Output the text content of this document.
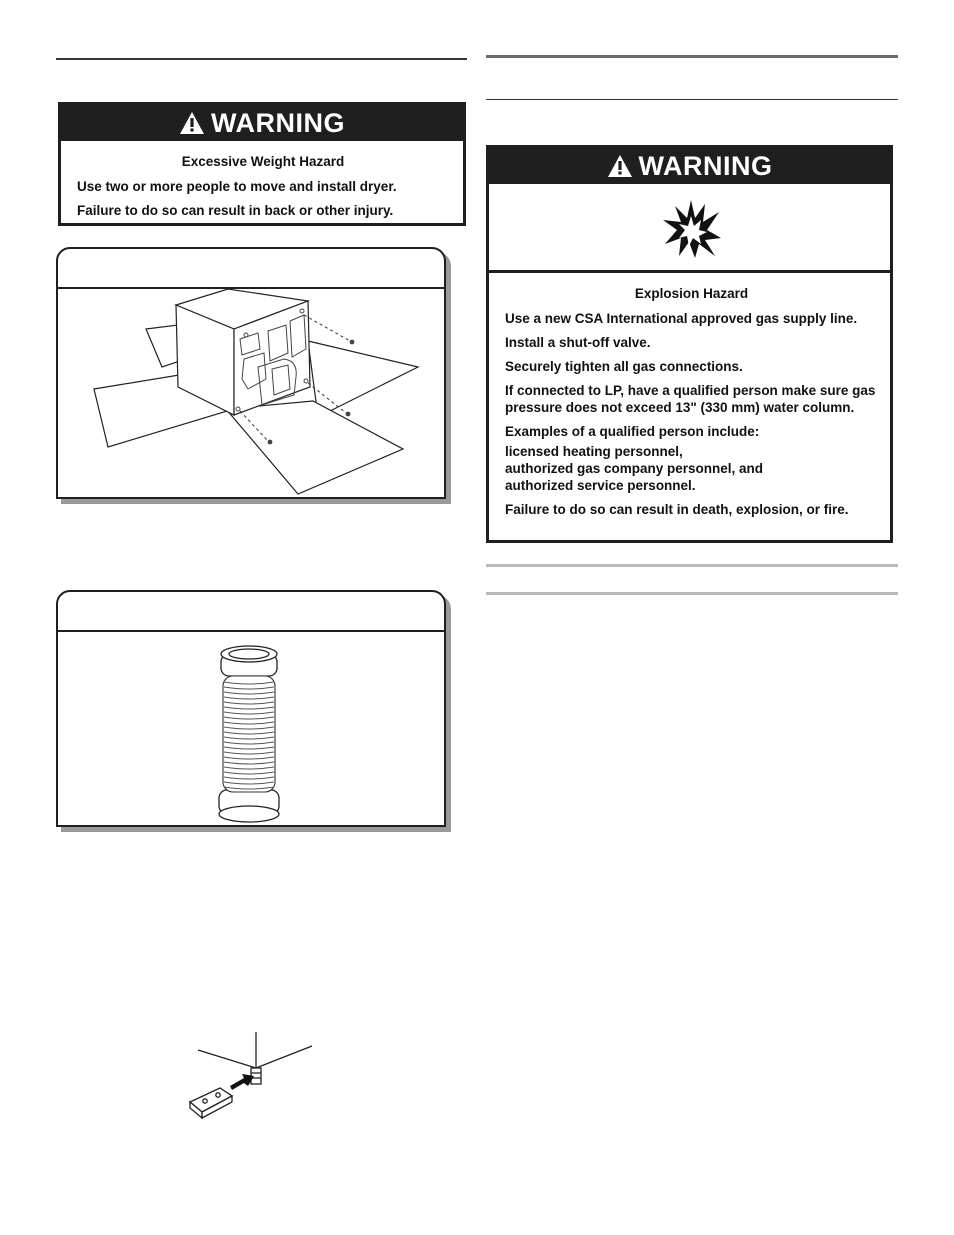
WARNING
Excessive Weight Hazard

Use two or more people to move and install dryer.

Failure to do so can result in back or other injury.

WARNING
Explosion Hazard

Use a new CSA International approved gas supply line.

Install a shut-off valve.

Securely tighten all gas connections.

If connected to LP, have a qualified person make sure gas pressure does not exceed 13" (330 mm) water column.

Examples of a qualified person include:

licensed heating personnel,
authorized gas company personnel, and
authorized service personnel.

Failure to do so can result in death, explosion, or fire.
